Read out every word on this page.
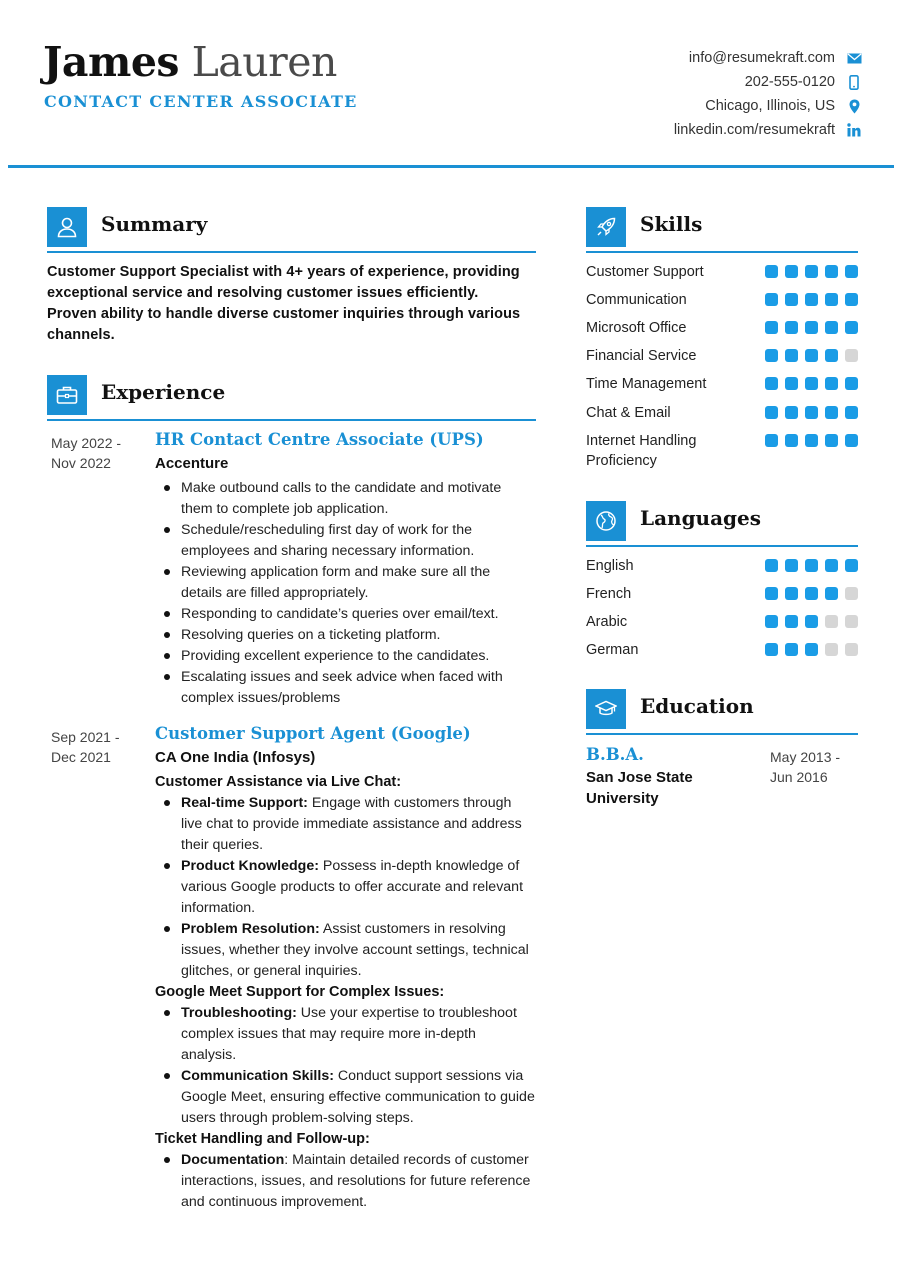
James Lauren
CONTACT CENTER ASSOCIATE
info@resumekraft.com
202-555-0120
Chicago, Illinois, US
linkedin.com/resumekraft
Summary
Customer Support Specialist with 4+ years of experience, providing exceptional service and resolving customer issues efficiently. Proven ability to handle diverse customer inquiries through various channels.
Experience
May 2022 -
Nov 2022
HR Contact Centre Associate (UPS)
Accenture
Make outbound calls to the candidate and motivate them to complete job application.
Schedule/rescheduling first day of work for the employees and sharing necessary information.
Reviewing application form and make sure all the details are filled appropriately.
Responding to candidate’s queries over email/text.
Resolving queries on a ticketing platform.
Providing excellent experience to the candidates.
Escalating issues and seek advice when faced with complex issues/problems
Sep 2021 -
Dec 2021
Customer Support Agent (Google)
CA One India (Infosys)
Customer Assistance via Live Chat:
Real-time Support: Engage with customers through live chat to provide immediate assistance and address their queries.
Product Knowledge: Possess in-depth knowledge of various Google products to offer accurate and relevant information.
Problem Resolution: Assist customers in resolving issues, whether they involve account settings, technical glitches, or general inquiries.
Google Meet Support for Complex Issues:
Troubleshooting: Use your expertise to troubleshoot complex issues that may require more in-depth analysis.
Communication Skills: Conduct support sessions via Google Meet, ensuring effective communication to guide users through problem-solving steps.
Ticket Handling and Follow-up:
Documentation: Maintain detailed records of customer interactions, issues, and resolutions for future reference and continuous improvement.
Skills
Customer Support
Communication
Microsoft Office
Financial Service
Time Management
Chat & Email
Internet Handling Proficiency
Languages
English
French
Arabic
German
Education
B.B.A.
San Jose State University
May 2013 -
Jun 2016
